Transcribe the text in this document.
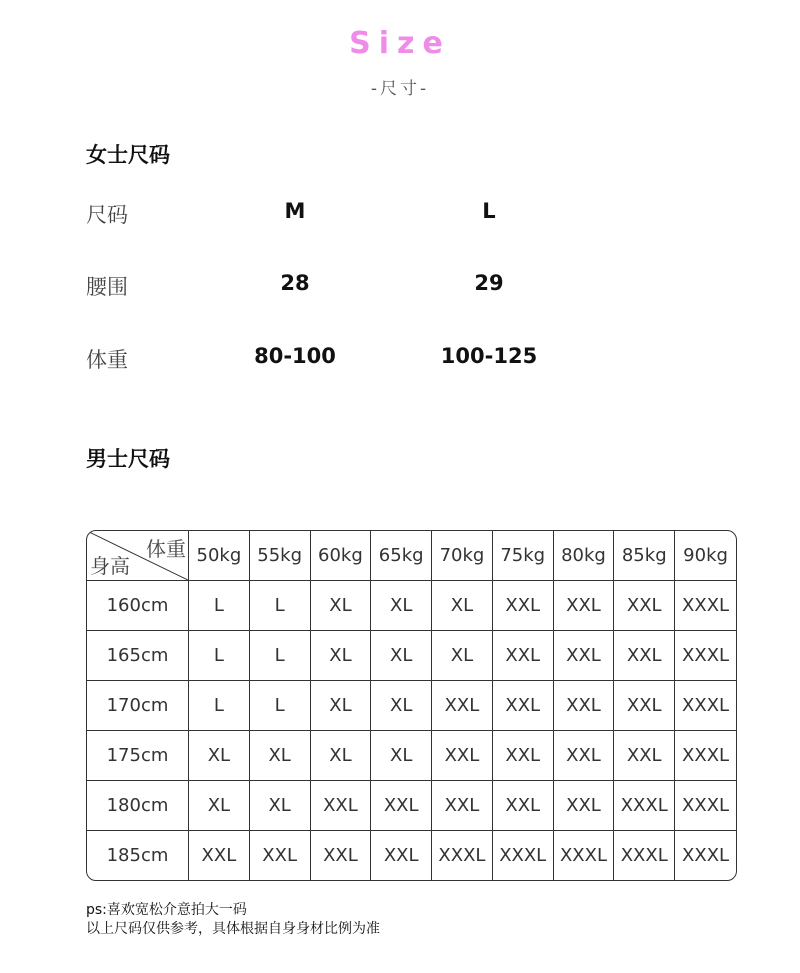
Size
-尺寸-
女士尺码
尺码	M	L
腰围	28	29
体重	80-100	100-125
男士尺码
体重
身高	50kg	55kg	60kg	65kg	70kg	75kg	80kg	85kg	90kg
160cm	L	L	XL	XL	XL	XXL	XXL	XXL	XXXL
165cm	L	L	XL	XL	XL	XXL	XXL	XXL	XXXL
170cm	L	L	XL	XL	XXL	XXL	XXL	XXL	XXXL
175cm	XL	XL	XL	XL	XXL	XXL	XXL	XXL	XXXL
180cm	XL	XL	XXL	XXL	XXL	XXL	XXL	XXXL	XXXL
185cm	XXL	XXL	XXL	XXL	XXXL	XXXL	XXXL	XXXL	XXXL
ps:喜欢宽松介意拍大一码
以上尺码仅供参考，具体根据自身身材比例为准
